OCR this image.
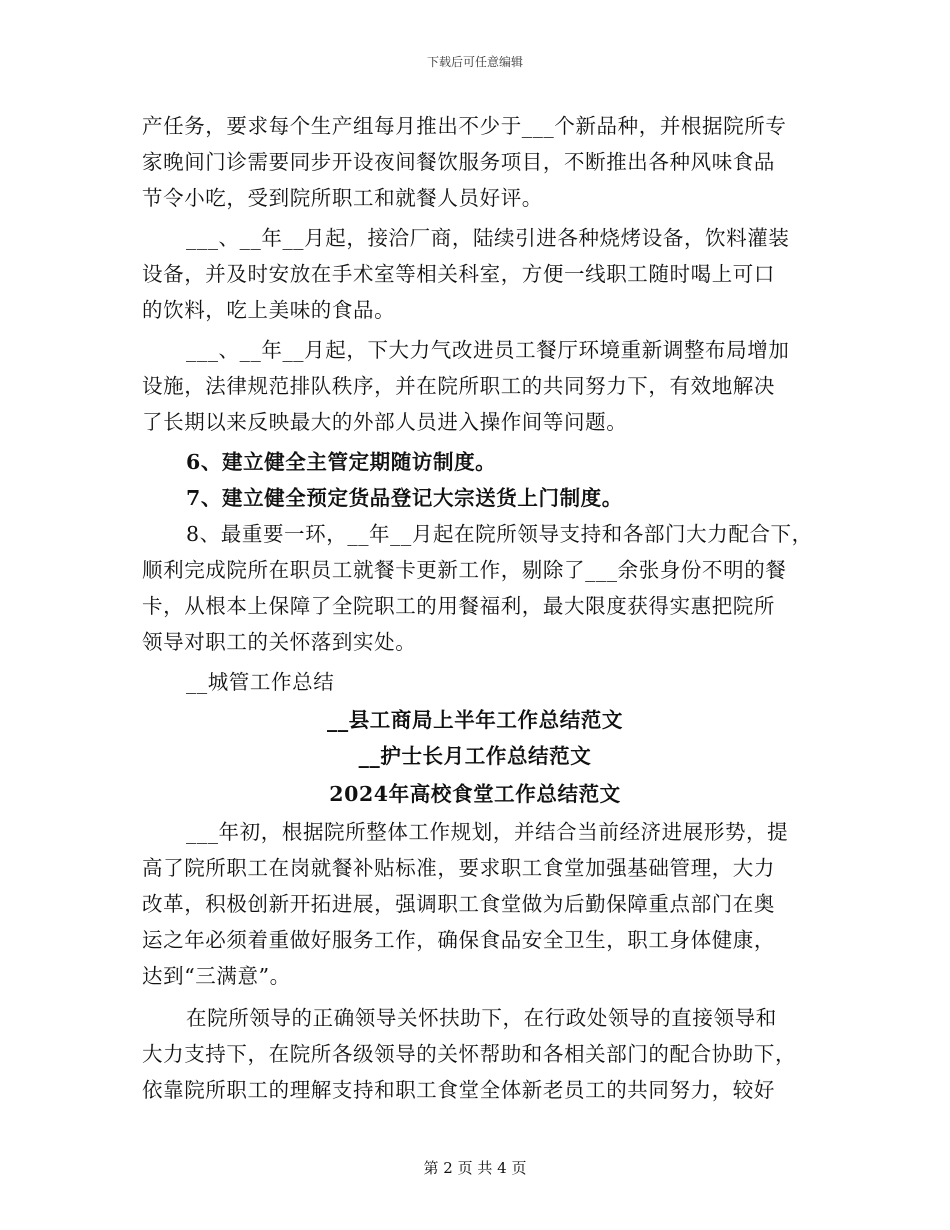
下载后可任意编辑
产任务，要求每个生产组每月推出不少于___个新品种，并根据院所专
家晚间门诊需要同步开设夜间餐饮服务项目，不断推出各种风味食品
节令小吃，受到院所职工和就餐人员好评。
___、__年__月起，接洽厂商，陆续引进各种烧烤设备，饮料灌装
设备，并及时安放在手术室等相关科室，方便一线职工随时喝上可口
的饮料，吃上美味的食品。
___、__年__月起，下大力气改进员工餐厅环境重新调整布局增加
设施，法律规范排队秩序，并在院所职工的共同努力下，有效地解决
了长期以来反映最大的外部人员进入操作间等问题。
6、建立健全主管定期随访制度。
7、建立健全预定货品登记大宗送货上门制度。
8、最重要一环，__年__月起在院所领导支持和各部门大力配合下，
顺利完成院所在职员工就餐卡更新工作，剔除了___余张身份不明的餐
卡，从根本上保障了全院职工的用餐福利，最大限度获得实惠把院所
领导对职工的关怀落到实处。
__城管工作总结
__县工商局上半年工作总结范文
__护士长月工作总结范文
2024年高校食堂工作总结范文
___年初，根据院所整体工作规划，并结合当前经济进展形势，提
高了院所职工在岗就餐补贴标准，要求职工食堂加强基础管理，大力
改革，积极创新开拓进展，强调职工食堂做为后勤保障重点部门在奥
运之年必须着重做好服务工作，确保食品安全卫生，职工身体健康，
达到“三满意”。
在院所领导的正确领导关怀扶助下，在行政处领导的直接领导和
大力支持下，在院所各级领导的关怀帮助和各相关部门的配合协助下，
依靠院所职工的理解支持和职工食堂全体新老员工的共同努力，较好
第 2 页 共 4 页
